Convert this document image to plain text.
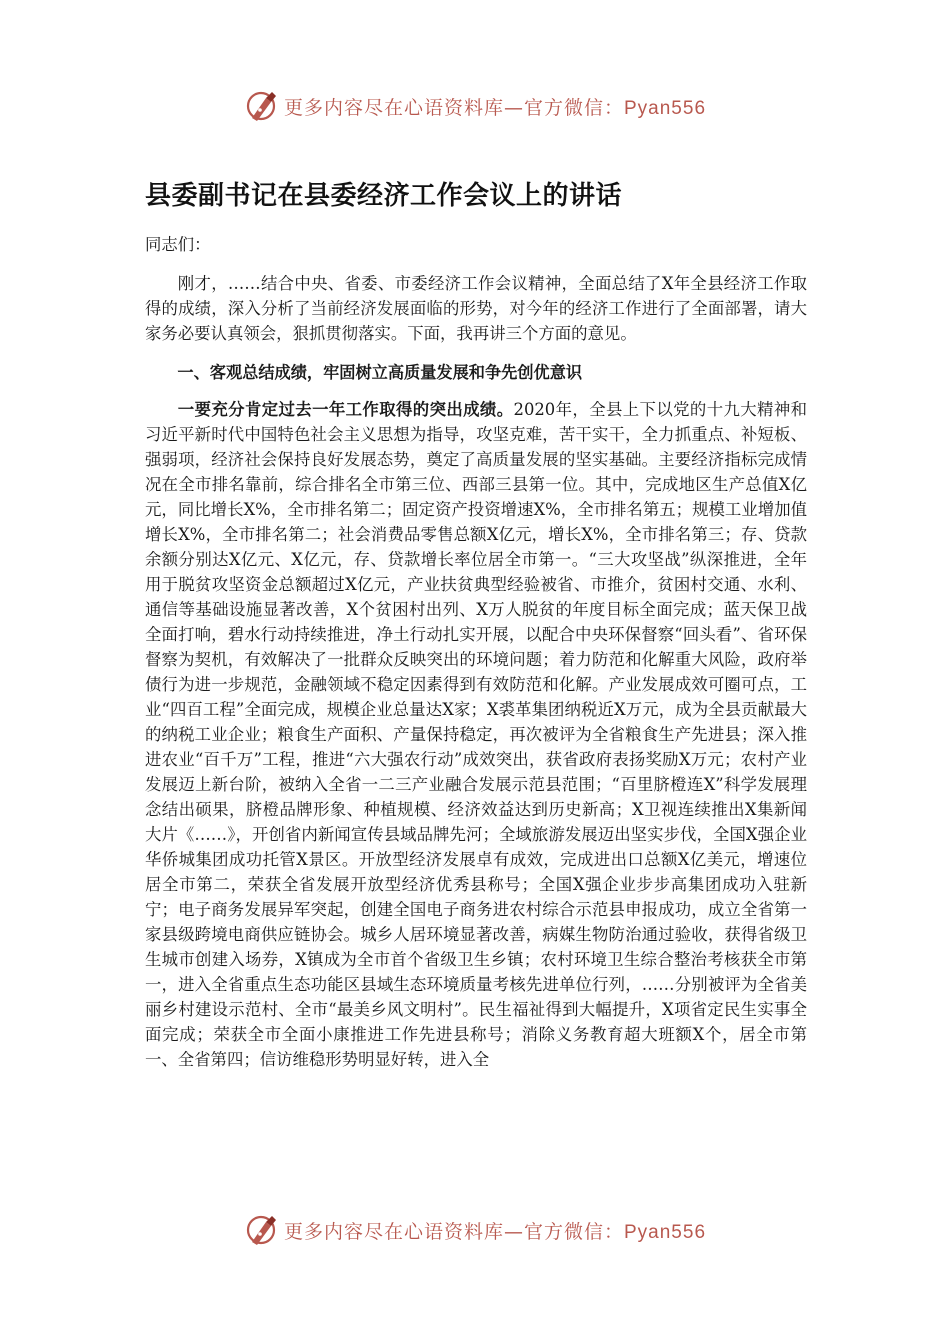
更多内容尽在心语资料库—官方微信：Pyan556
县委副书记在县委经济工作会议上的讲话
同志们：

刚才，……结合中央、省委、市委经济工作会议精神，全面总结了X年全县经济工作取得的成绩，深入分析了当前经济发展面临的形势，对今年的经济工作进行了全面部署，请大家务必要认真领会，狠抓贯彻落实。下面，我再讲三个方面的意见。

一、客观总结成绩，牢固树立高质量发展和争先创优意识

一要充分肯定过去一年工作取得的突出成绩。2020年，全县上下以党的十九大精神和习近平新时代中国特色社会主义思想为指导，攻坚克难，苦干实干，全力抓重点、补短板、强弱项，经济社会保持良好发展态势，奠定了高质量发展的坚实基础。主要经济指标完成情况在全市排名靠前，综合排名全市第三位、西部三县第一位。其中，完成地区生产总值X亿元，同比增长X%，全市排名第二；固定资产投资增速X%，全市排名第五；规模工业增加值增长X%，全市排名第二；社会消费品零售总额X亿元，增长X%，全市排名第三；存、贷款余额分别达X亿元、X亿元，存、贷款增长率位居全市第一。“三大攻坚战”纵深推进，全年用于脱贫攻坚资金总额超过X亿元，产业扶贫典型经验被省、市推介，贫困村交通、水利、通信等基础设施显著改善，X个贫困村出列、X万人脱贫的年度目标全面完成；蓝天保卫战全面打响，碧水行动持续推进，净土行动扎实开展，以配合中央环保督察“回头看”、省环保督察为契机，有效解决了一批群众反映突出的环境问题；着力防范和化解重大风险，政府举债行为进一步规范，金融领域不稳定因素得到有效防范和化解。产业发展成效可圈可点，工业“四百工程”全面完成，规模企业总量达X家；X裘革集团纳税近X万元，成为全县贡献最大的纳税工业企业；粮食生产面积、产量保持稳定，再次被评为全省粮食生产先进县；深入推进农业“百千万”工程，推进“六大强农行动”成效突出，获省政府表扬奖励X万元；农村产业发展迈上新台阶，被纳入全省一二三产业融合发展示范县范围；“百里脐橙连X”科学发展理念结出硕果，脐橙品牌形象、种植规模、经济效益达到历史新高；X卫视连续推出X集新闻大片《……》，开创省内新闻宣传县域品牌先河；全域旅游发展迈出坚实步伐，全国X强企业华侨城集团成功托管X景区。开放型经济发展卓有成效，完成进出口总额X亿美元，增速位居全市第二，荣获全省发展开放型经济优秀县称号；全国X强企业步步高集团成功入驻新宁；电子商务发展异军突起，创建全国电子商务进农村综合示范县申报成功，成立全省第一家县级跨境电商供应链协会。城乡人居环境显著改善，病媒生物防治通过验收，获得省级卫生城市创建入场券，X镇成为全市首个省级卫生乡镇；农村环境卫生综合整治考核获全市第一，进入全省重点生态功能区县域生态环境质量考核先进单位行列，……分别被评为全省美丽乡村建设示范村、全市“最美乡风文明村”。民生福祉得到大幅提升，X项省定民生实事全面完成；荣获全市全面小康推进工作先进县称号；消除义务教育超大班额X个，居全市第一、全省第四；信访维稳形势明显好转，进入全

更多内容尽在心语资料库—官方微信：Pyan556
